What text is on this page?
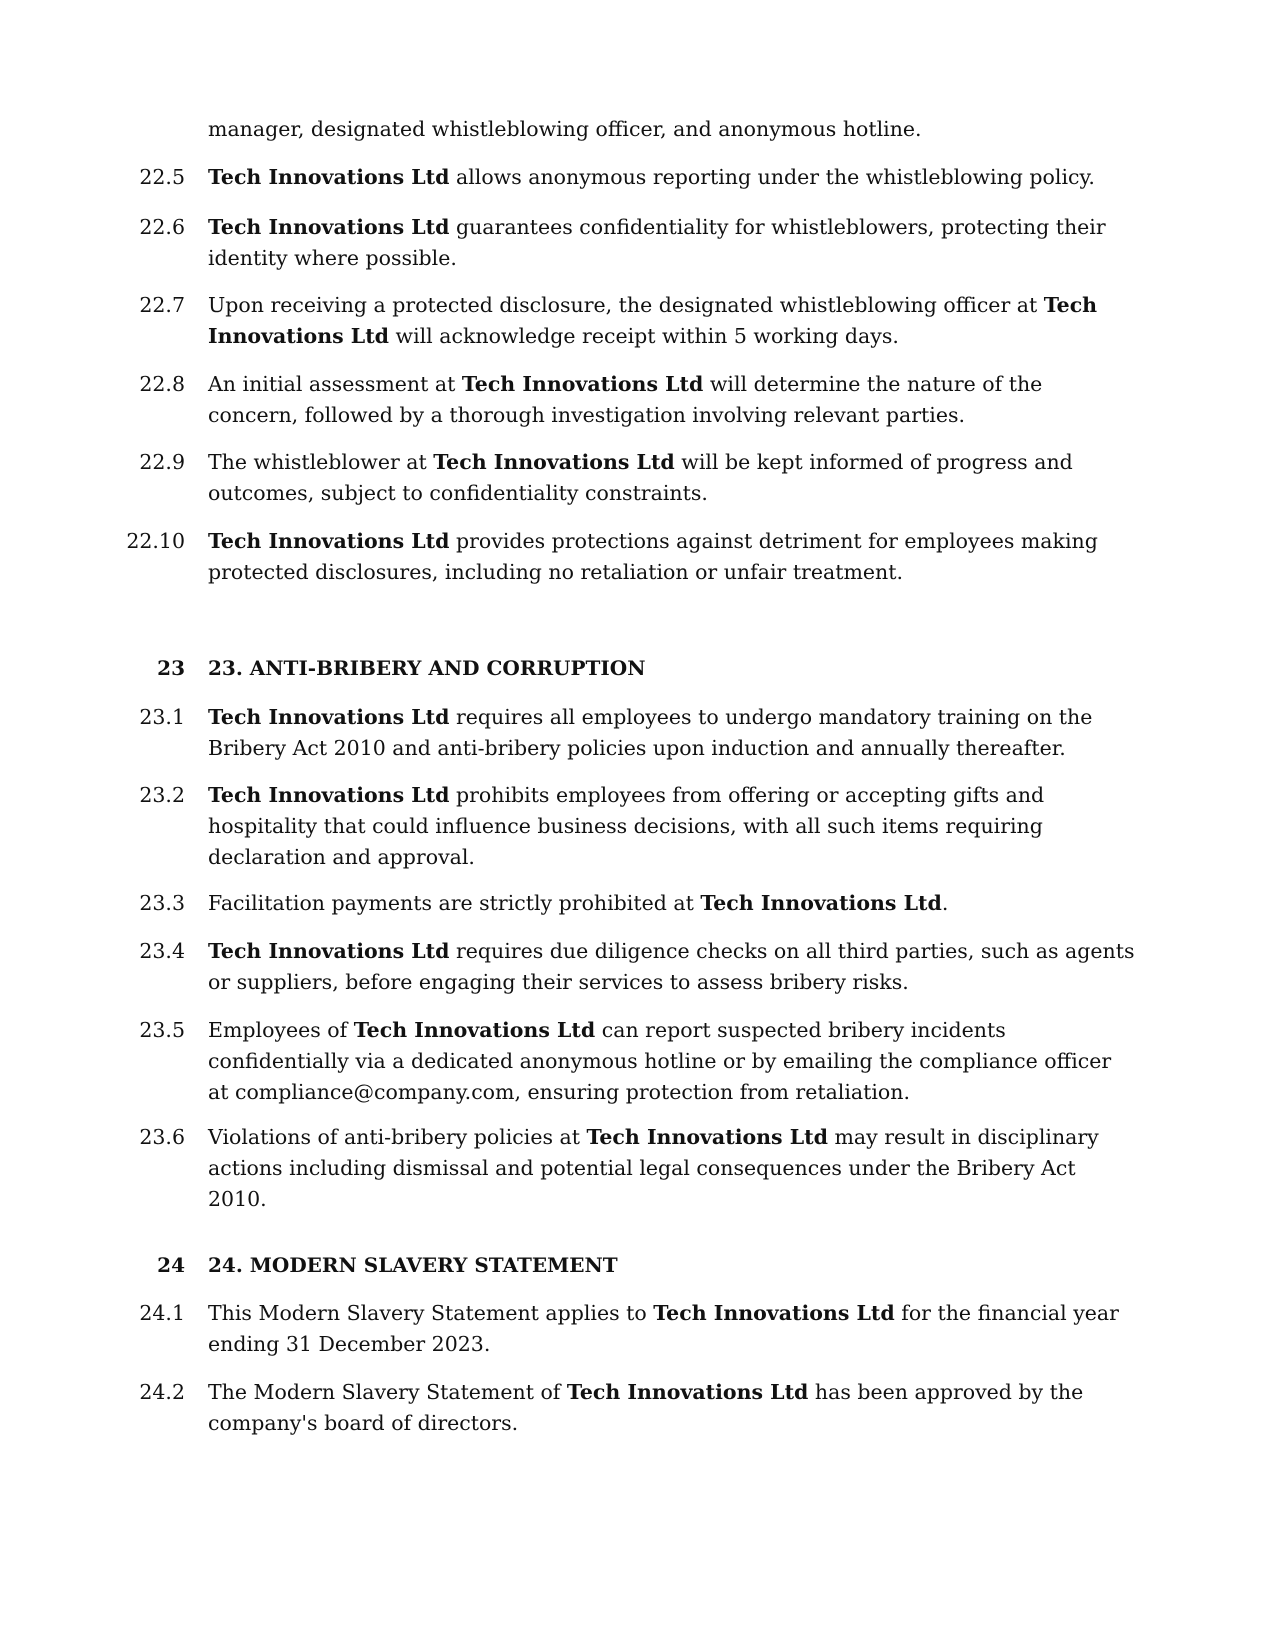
manager, designated whistleblowing officer, and anonymous hotline.
22.5 Tech Innovations Ltd allows anonymous reporting under the whistleblowing policy.
22.6 Tech Innovations Ltd guarantees confidentiality for whistleblowers, protecting their identity where possible.
22.7 Upon receiving a protected disclosure, the designated whistleblowing officer at Tech Innovations Ltd will acknowledge receipt within 5 working days.
22.8 An initial assessment at Tech Innovations Ltd will determine the nature of the concern, followed by a thorough investigation involving relevant parties.
22.9 The whistleblower at Tech Innovations Ltd will be kept informed of progress and outcomes, subject to confidentiality constraints.
22.10 Tech Innovations Ltd provides protections against detriment for employees making protected disclosures, including no retaliation or unfair treatment.
23 23. ANTI-BRIBERY AND CORRUPTION
23.1 Tech Innovations Ltd requires all employees to undergo mandatory training on the Bribery Act 2010 and anti-bribery policies upon induction and annually thereafter.
23.2 Tech Innovations Ltd prohibits employees from offering or accepting gifts and hospitality that could influence business decisions, with all such items requiring declaration and approval.
23.3 Facilitation payments are strictly prohibited at Tech Innovations Ltd.
23.4 Tech Innovations Ltd requires due diligence checks on all third parties, such as agents or suppliers, before engaging their services to assess bribery risks.
23.5 Employees of Tech Innovations Ltd can report suspected bribery incidents confidentially via a dedicated anonymous hotline or by emailing the compliance officer at compliance@company.com, ensuring protection from retaliation.
23.6 Violations of anti-bribery policies at Tech Innovations Ltd may result in disciplinary actions including dismissal and potential legal consequences under the Bribery Act 2010.
24 24. MODERN SLAVERY STATEMENT
24.1 This Modern Slavery Statement applies to Tech Innovations Ltd for the financial year ending 31 December 2023.
24.2 The Modern Slavery Statement of Tech Innovations Ltd has been approved by the company's board of directors.
